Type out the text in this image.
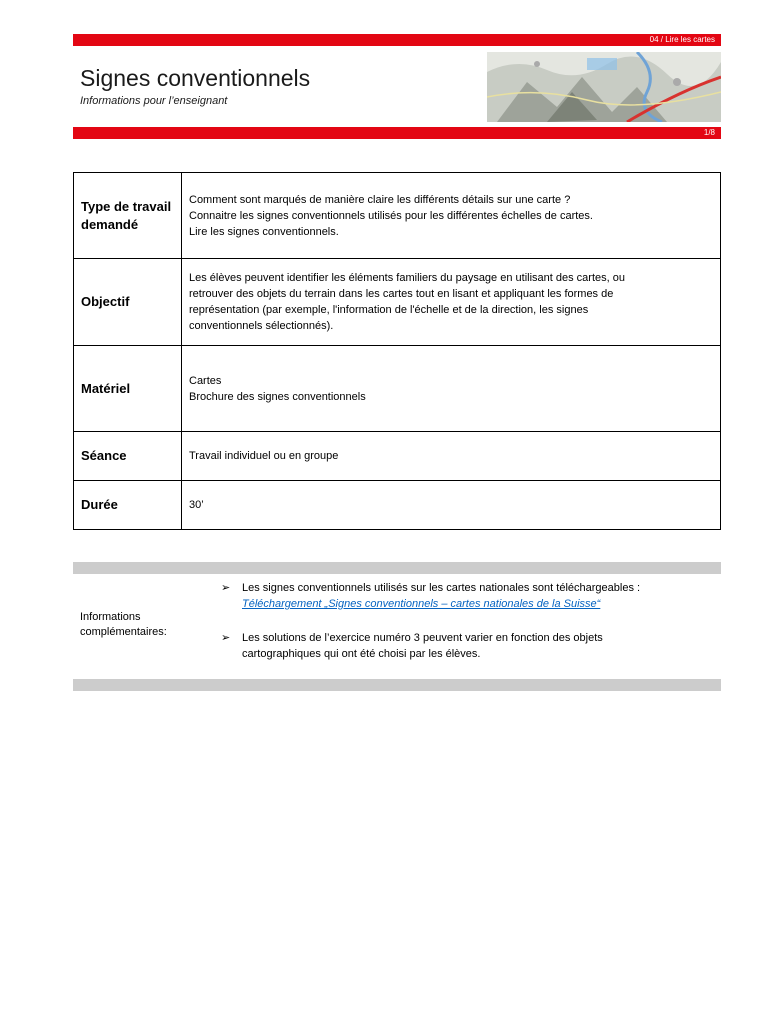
04 / Lire les cartes
Signes conventionnels
Informations pour l’enseignant
1/8
Type de travail demandé	Comment sont marqués de manière claire les différents détails sur une carte ?
Connaitre les signes conventionnels utilisés pour les différentes échelles de cartes.
Lire les signes conventionnels.

Objectif	Les élèves peuvent identifier les éléments familiers du paysage en utilisant des cartes, ou
retrouver des objets du terrain dans les cartes tout en lisant et appliquant les formes de
représentation (par exemple, l'information de l'échelle et de la direction, les signes
conventionnels sélectionnés).

Matériel	Cartes
Brochure des signes conventionnels

Séance	Travail individuel ou en groupe

Durée	30’
Informations
complémentaires:
➢ Les signes conventionnels utilisés sur les cartes nationales sont téléchargeables :
Téléchargement „Signes conventionnels – cartes nationales de la Suisse“
➢ Les solutions de l’exercice numéro 3 peuvent varier en fonction des objets
cartographiques qui ont été choisi par les élèves.
